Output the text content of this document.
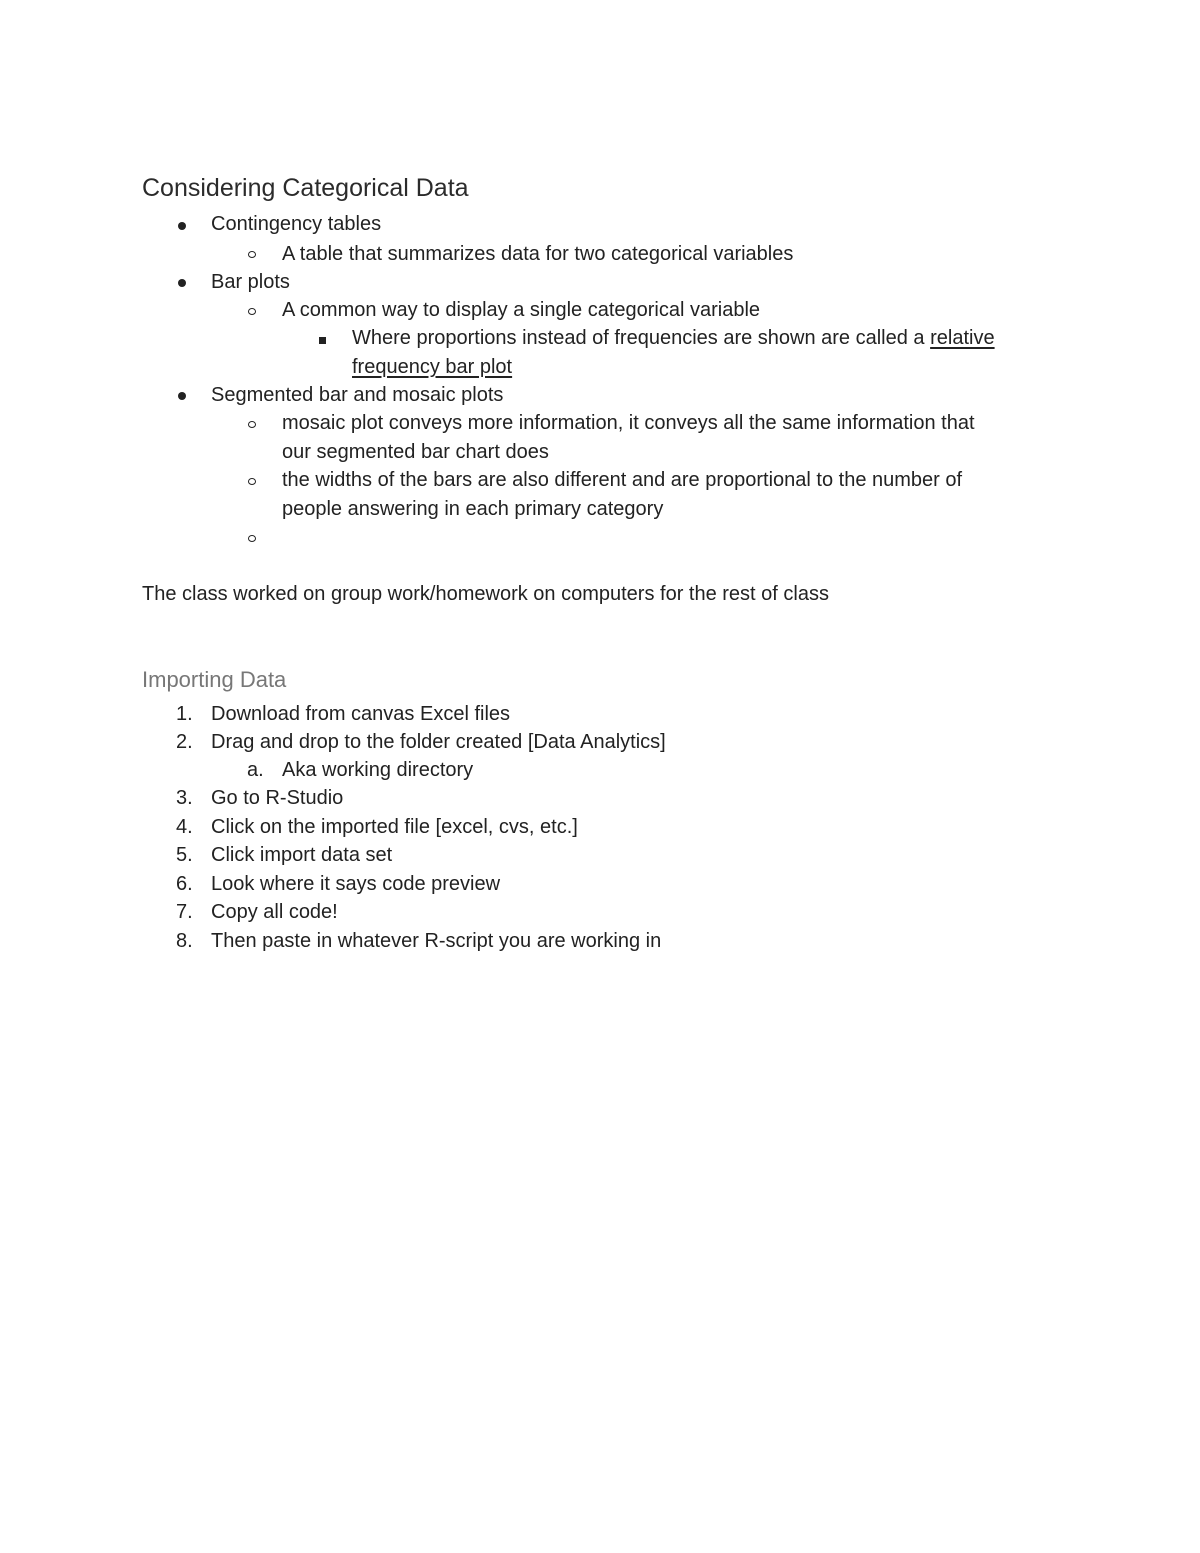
Considering Categorical Data
Contingency tables
A table that summarizes data for two categorical variables
Bar plots
A common way to display a single categorical variable
Where proportions instead of frequencies are shown are called a relative
frequency bar plot
Segmented bar and mosaic plots
mosaic plot conveys more information, it conveys all the same information that
our segmented bar chart does
the widths of the bars are also different and are proportional to the number of
people answering in each primary category
The class worked on group work/homework on computers for the rest of class
Importing Data
1. Download from canvas Excel files
2. Drag and drop to the folder created [Data Analytics]
a. Aka working directory
3. Go to R-Studio
4. Click on the imported file [excel, cvs, etc.]
5. Click import data set
6. Look where it says code preview
7. Copy all code!
8. Then paste in whatever R-script you are working in
